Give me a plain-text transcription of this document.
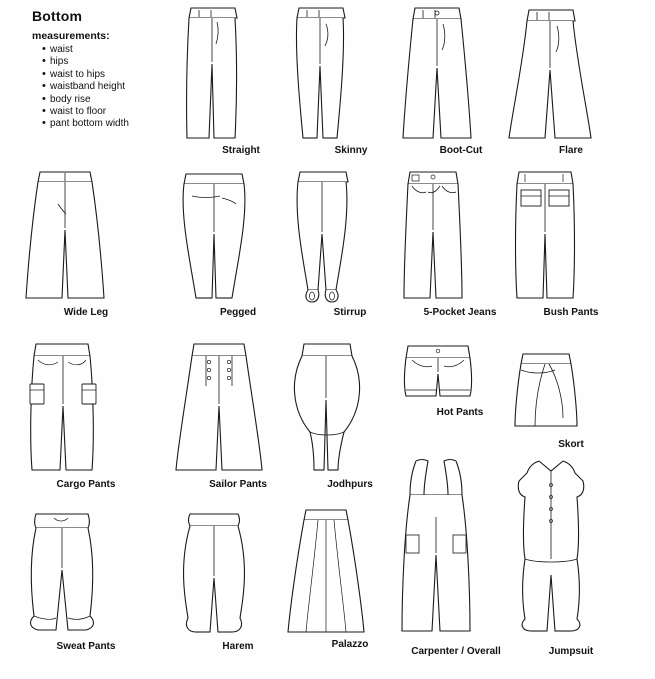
Bottom
measurements:
• waist
• hips
• waist to hips
• waistband height
• body rise
• waist to floor
• pant bottom width
Straight	Skinny	Boot-Cut	Flare
Wide Leg	Pegged	Stirrup	5-Pocket Jeans	Bush Pants
Cargo Pants	Sailor Pants	Jodhpurs
Hot Pants
Skort
Sweat Pants	Harem	Palazzo
Carpenter / Overall	Jumpsuit
